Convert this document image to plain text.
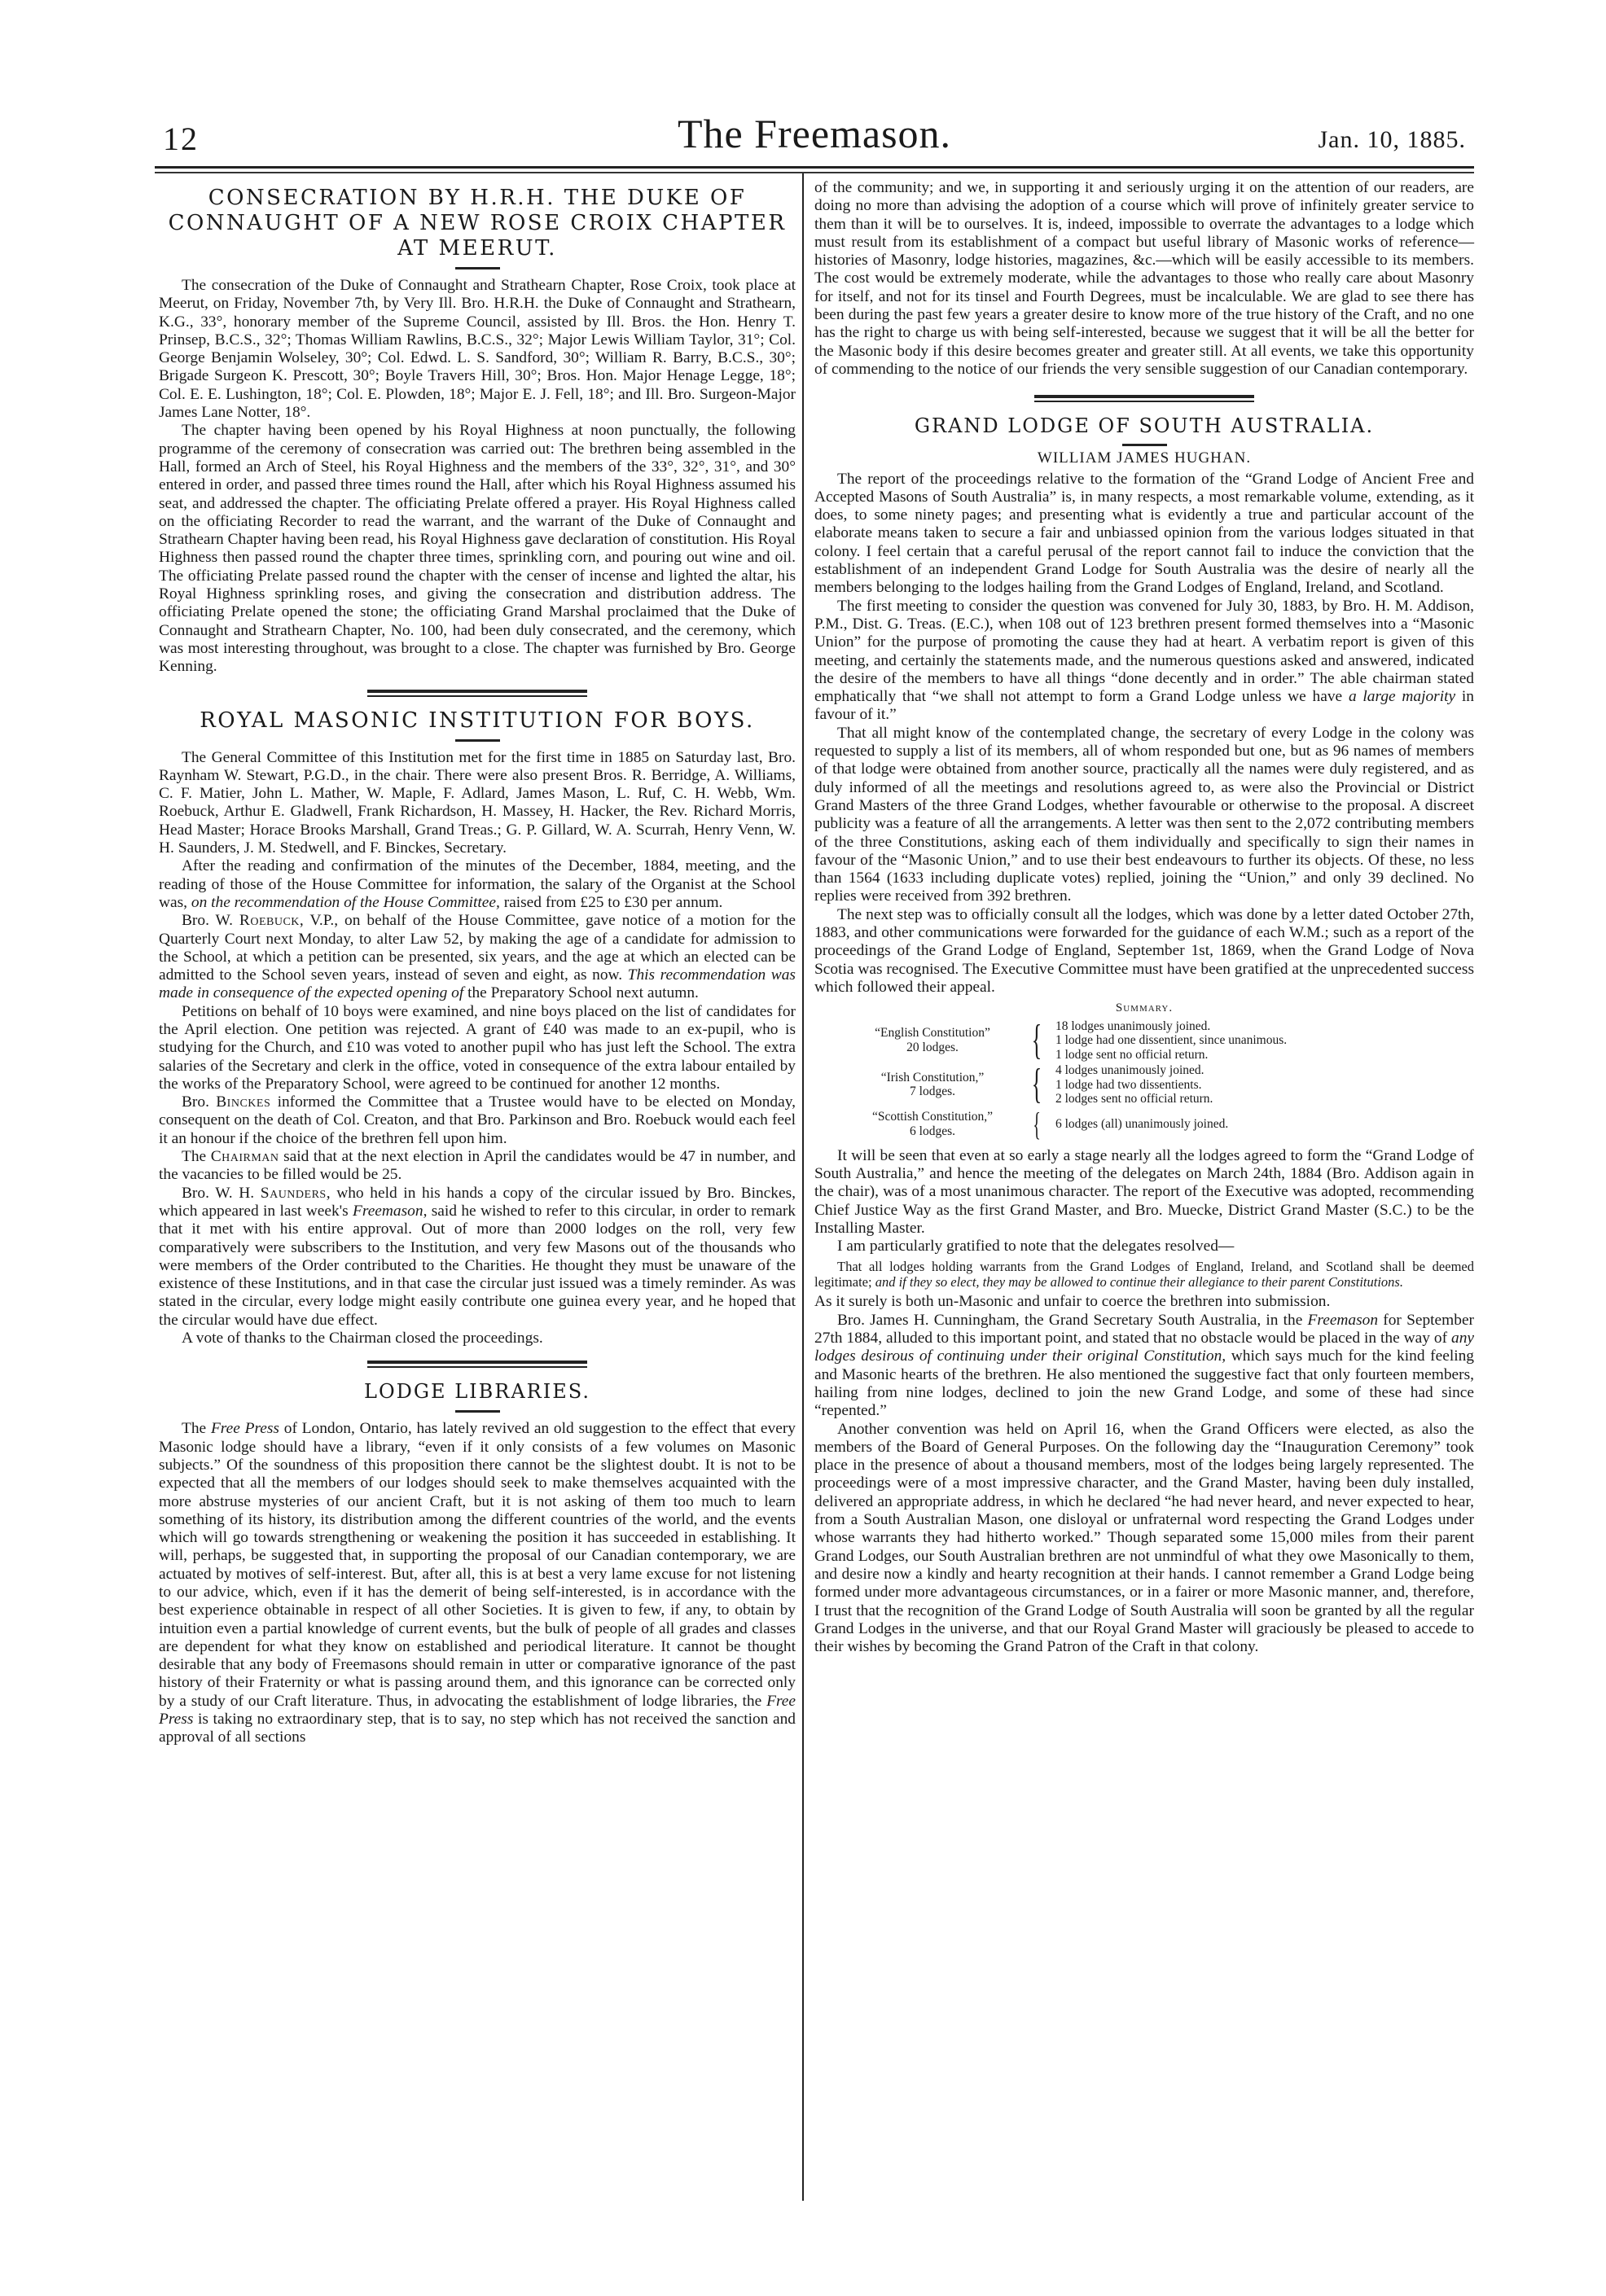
12	The Freemason.	Jan. 10, 1885.
CONSECRATION BY H.R.H. THE DUKE OF CONNAUGHT OF A NEW ROSE CROIX CHAPTER AT MEERUT.

The consecration of the Duke of Connaught and Strathearn Chapter, Rose Croix, took place at Meerut, on Friday, November 7th, by Very Ill. Bro. H.R.H. the Duke of Connaught and Strathearn, K.G., 33°, honorary member of the Supreme Council, assisted by Ill. Bros. the Hon. Henry T. Prinsep, B.C.S., 32°; Thomas William Rawlins, B.C.S., 32°; Major Lewis William Taylor, 31°; Col. George Benjamin Wolseley, 30°; Col. Edwd. L. S. Sandford, 30°; William R. Barry, B.C.S., 30°; Brigade Surgeon K. Prescott, 30°; Boyle Travers Hill, 30°; Bros. Hon. Major Henage Legge, 18°; Col. E. E. Lushington, 18°; Col. E. Plowden, 18°; Major E. J. Fell, 18°; and Ill. Bro. Surgeon-Major James Lane Notter, 18°.

The chapter having been opened by his Royal Highness at noon punctually, the following programme of the ceremony of consecration was carried out: The brethren being assembled in the Hall, formed an Arch of Steel, his Royal Highness and the members of the 33°, 32°, 31°, and 30° entered in order, and passed three times round the Hall, after which his Royal Highness assumed his seat, and addressed the chapter. The officiating Prelate offered a prayer. His Royal Highness called on the officiating Recorder to read the warrant, and the warrant of the Duke of Connaught and Strathearn Chapter having been read, his Royal Highness gave declaration of constitution. His Royal Highness then passed round the chapter three times, sprinkling corn, and pouring out wine and oil. The officiating Prelate passed round the chapter with the censer of incense and lighted the altar, his Royal Highness sprinkling roses, and giving the consecration and distribution address. The officiating Prelate opened the stone; the officiating Grand Marshal proclaimed that the Duke of Connaught and Strathearn Chapter, No. 100, had been duly consecrated, and the ceremony, which was most interesting throughout, was brought to a close. The chapter was furnished by Bro. George Kenning.

ROYAL MASONIC INSTITUTION FOR BOYS.

The General Committee of this Institution met for the first time in 1885 on Saturday last, Bro. Raynham W. Stewart, P.G.D., in the chair. There were also present Bros. R. Berridge, A. Williams, C. F. Matier, John L. Mather, W. Maple, F. Adlard, James Mason, L. Ruf, C. H. Webb, Wm. Roebuck, Arthur E. Gladwell, Frank Richardson, H. Massey, H. Hacker, the Rev. Richard Morris, Head Master; Horace Brooks Marshall, Grand Treas.; G. P. Gillard, W. A. Scurrah, Henry Venn, W. H. Saunders, J. M. Stedwell, and F. Binckes, Secretary.

After the reading and confirmation of the minutes of the December, 1884, meeting, and the reading of those of the House Committee for information, the salary of the Organist at the School was, on the recommendation of the House Committee, raised from £25 to £30 per annum.

Bro. W. Roebuck, V.P., on behalf of the House Committee, gave notice of a motion for the Quarterly Court next Monday, to alter Law 52, by making the age of a candidate for admission to the School, at which a petition can be presented, six years, and the age at which an elected can be admitted to the School seven years, instead of seven and eight, as now. This recommendation was made in consequence of the expected opening of the Preparatory School next autumn.

Petitions on behalf of 10 boys were examined, and nine boys placed on the list of candidates for the April election. One petition was rejected. A grant of £40 was made to an ex-pupil, who is studying for the Church, and £10 was voted to another pupil who has just left the School. The extra salaries of the Secretary and clerk in the office, voted in consequence of the extra labour entailed by the works of the Preparatory School, were agreed to be continued for another 12 months.

Bro. Binckes informed the Committee that a Trustee would have to be elected on Monday, consequent on the death of Col. Creaton, and that Bro. Parkinson and Bro. Roebuck would each feel it an honour if the choice of the brethren fell upon him.

The Chairman said that at the next election in April the candidates would be 47 in number, and the vacancies to be filled would be 25.

Bro. W. H. Saunders, who held in his hands a copy of the circular issued by Bro. Binckes, which appeared in last week's Freemason, said he wished to refer to this circular, in order to remark that it met with his entire approval. Out of more than 2000 lodges on the roll, very few comparatively were subscribers to the Institution, and very few Masons out of the thousands who were members of the Order contributed to the Charities. He thought they must be unaware of the existence of these Institutions, and in that case the circular just issued was a timely reminder. As was stated in the circular, every lodge might easily contribute one guinea every year, and he hoped that the circular would have due effect.

A vote of thanks to the Chairman closed the proceedings.

LODGE LIBRARIES.

The Free Press of London, Ontario, has lately revived an old suggestion to the effect that every Masonic lodge should have a library, “even if it only consists of a few volumes on Masonic subjects.” Of the soundness of this proposition there cannot be the slightest doubt. It is not to be expected that all the members of our lodges should seek to make themselves acquainted with the more abstruse mysteries of our ancient Craft, but it is not asking of them too much to learn something of its history, its distribution among the different countries of the world, and the events which will go towards strengthening or weakening the position it has succeeded in establishing. It will, perhaps, be suggested that, in supporting the proposal of our Canadian contemporary, we are actuated by motives of self-interest. But, after all, this is at best a very lame excuse for not listening to our advice, which, even if it has the demerit of being self-interested, is in accordance with the best experience obtainable in respect of all other Societies. It is given to few, if any, to obtain by intuition even a partial knowledge of current events, but the bulk of people of all grades and classes are dependent for what they know on established and periodical literature. It cannot be thought desirable that any body of Freemasons should remain in utter or comparative ignorance of the past history of their Fraternity or what is passing around them, and this ignorance can be corrected only by a study of our Craft literature. Thus, in advocating the establishment of lodge libraries, the Free Press is taking no extraordinary step, that is to say, no step which has not received the sanction and approval of all sections

of the community; and we, in supporting it and seriously urging it on the attention of our readers, are doing no more than advising the adoption of a course which will prove of infinitely greater service to them than it will be to ourselves. It is, indeed, impossible to overrate the advantages to a lodge which must result from its establishment of a compact but useful library of Masonic works of reference—histories of Masonry, lodge histories, magazines, &c.—which will be easily accessible to its members. The cost would be extremely moderate, while the advantages to those who really care about Masonry for itself, and not for its tinsel and Fourth Degrees, must be incalculable. We are glad to see there has been during the past few years a greater desire to know more of the true history of the Craft, and no one has the right to charge us with being self-interested, because we suggest that it will be all the better for the Masonic body if this desire becomes greater and greater still. At all events, we take this opportunity of commending to the notice of our friends the very sensible suggestion of our Canadian contemporary.

GRAND LODGE OF SOUTH AUSTRALIA.
WILLIAM JAMES HUGHAN.

The report of the proceedings relative to the formation of the “Grand Lodge of Ancient Free and Accepted Masons of South Australia” is, in many respects, a most remarkable volume, extending, as it does, to some ninety pages; and presenting what is evidently a true and particular account of the elaborate means taken to secure a fair and unbiassed opinion from the various lodges situated in that colony. I feel certain that a careful perusal of the report cannot fail to induce the conviction that the establishment of an independent Grand Lodge for South Australia was the desire of nearly all the members belonging to the lodges hailing from the Grand Lodges of England, Ireland, and Scotland.

The first meeting to consider the question was convened for July 30, 1883, by Bro. H. M. Addison, P.M., Dist. G. Treas. (E.C.), when 108 out of 123 brethren present formed themselves into a “Masonic Union” for the purpose of promoting the cause they had at heart. A verbatim report is given of this meeting, and certainly the statements made, and the numerous questions asked and answered, indicated the desire of the members to have all things “done decently and in order.” The able chairman stated emphatically that “we shall not attempt to form a Grand Lodge unless we have a large majority in favour of it.”

That all might know of the contemplated change, the secretary of every Lodge in the colony was requested to supply a list of its members, all of whom responded but one, but as 96 names of members of that lodge were obtained from another source, practically all the names were duly registered, and as duly informed of all the meetings and resolutions agreed to, as were also the Provincial or District Grand Masters of the three Grand Lodges, whether favourable or otherwise to the proposal. A discreet publicity was a feature of all the arrangements. A letter was then sent to the 2,072 contributing members of the three Constitutions, asking each of them individually and specifically to sign their names in favour of the “Masonic Union,” and to use their best endeavours to further its objects. Of these, no less than 1564 (1633 including duplicate votes) replied, joining the “Union,” and only 39 declined. No replies were received from 392 brethren.

The next step was to officially consult all the lodges, which was done by a letter dated October 27th, 1883, and other communications were forwarded for the guidance of each W.M.; such as a report of the proceedings of the Grand Lodge of England, September 1st, 1869, when the Grand Lodge of Nova Scotia was recognised. The Executive Committee must have been gratified at the unprecedented success which followed their appeal.

Summary.
“English Constitution”
20 lodges.	{ 18 lodges unanimously joined.
1 lodge had one dissentient, since unanimous.
1 lodge sent no official return.
“Irish Constitution,”
7 lodges.	{ 4 lodges unanimously joined.
1 lodge had two dissentients.
2 lodges sent no official return.
“Scottish Constitution,”
6 lodges.	{ 6 lodges (all) unanimously joined.

It will be seen that even at so early a stage nearly all the lodges agreed to form the “Grand Lodge of South Australia,” and hence the meeting of the delegates on March 24th, 1884 (Bro. Addison again in the chair), was of a most unanimous character. The report of the Executive was adopted, recommending Chief Justice Way as the first Grand Master, and Bro. Muecke, District Grand Master (S.C.) to be the Installing Master.

I am particularly gratified to note that the delegates resolved—

That all lodges holding warrants from the Grand Lodges of England, Ireland, and Scotland shall be deemed legitimate; and if they so elect, they may be allowed to continue their allegiance to their parent Constitutions.

As it surely is both un-Masonic and unfair to coerce the brethren into submission.

Bro. James H. Cunningham, the Grand Secretary South Australia, in the Freemason for September 27th 1884, alluded to this important point, and stated that no obstacle would be placed in the way of any lodges desirous of continuing under their original Constitution, which says much for the kind feeling and Masonic hearts of the brethren. He also mentioned the suggestive fact that only fourteen members, hailing from nine lodges, declined to join the new Grand Lodge, and some of these had since “repented.”

Another convention was held on April 16, when the Grand Officers were elected, as also the members of the Board of General Purposes. On the following day the “Inauguration Ceremony” took place in the presence of about a thousand members, most of the lodges being largely represented. The proceedings were of a most impressive character, and the Grand Master, having been duly installed, delivered an appropriate address, in which he declared “he had never heard, and never expected to hear, from a South Australian Mason, one disloyal or unfraternal word respecting the Grand Lodges under whose warrants they had hitherto worked.” Though separated some 15,000 miles from their parent Grand Lodges, our South Australian brethren are not unmindful of what they owe Masonically to them, and desire now a kindly and hearty recognition at their hands. I cannot remember a Grand Lodge being formed under more advantageous circumstances, or in a fairer or more Masonic manner, and, therefore, I trust that the recognition of the Grand Lodge of South Australia will soon be granted by all the regular Grand Lodges in the universe, and that our Royal Grand Master will graciously be pleased to accede to their wishes by becoming the Grand Patron of the Craft in that colony.
